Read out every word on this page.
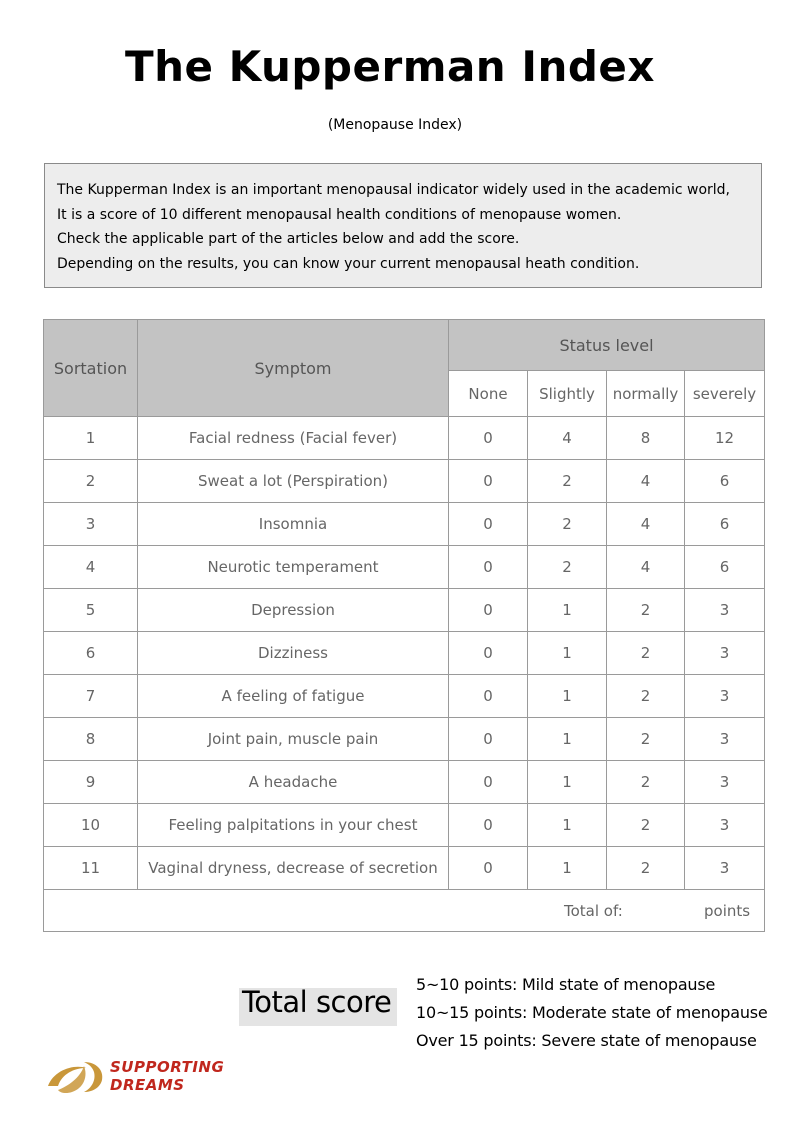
The Kupperman Index
(Menopause Index)

The Kupperman Index is an important menopausal indicator widely used in the academic world,

It is a score of 10 different menopausal health conditions of menopause women.

Check the applicable part of the articles below and add the score.

Depending on the results, you can know your current menopausal heath condition.

Sortation	Symptom	Status level			
		None	Slightly	normally	severely
1	Facial redness (Facial fever)	0	4	8	12
2	Sweat a lot (Perspiration)	0	2	4	6
3	Insomnia	0	2	4	6
4	Neurotic temperament	0	2	4	6
5	Depression	0	1	2	3
6	Dizziness	0	1	2	3
7	A feeling of fatigue	0	1	2	3
8	Joint pain, muscle pain	0	1	2	3
9	A headache	0	1	2	3
10	Feeling palpitations in your chest	0	1	2	3
11	Vaginal dryness, decrease of secretion	0	1	2	3

Total of: points					
Total score

5~10 points: Mild state of menopause

10~15 points: Moderate state of menopause

Over 15 points: Severe state of menopause

SUPPORTING
DREAMS
